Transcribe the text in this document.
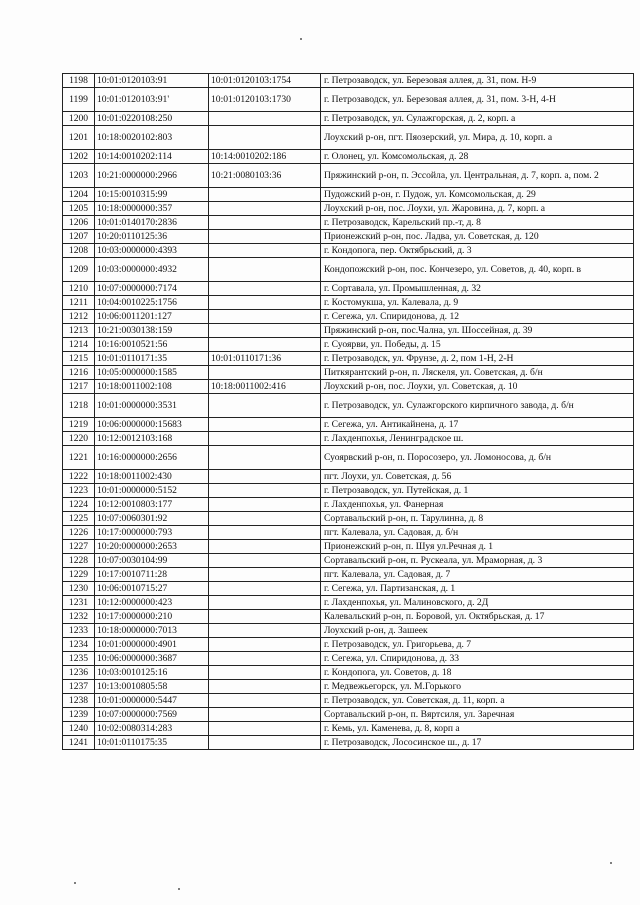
1198	10:01:0120103:91	10:01:0120103:1754	г. Петрозаводск, ул. Березовая аллея, д. 31, пом. Н-9
1199	10:01:0120103:91'	10:01:0120103:1730	г. Петрозаводск, ул. Березовая аллея, д. 31, пом. 3-Н, 4-Н
1200	10:01:0220108:250		г. Петрозаводск, ул. Сулажгорская, д. 2, корп. а
1201	10:18:0020102:803		Лоухский р-он, пгт. Пяозерский, ул. Мира, д. 10, корп. а
1202	10:14:0010202:114	10:14:0010202:186	г. Олонец, ул. Комсомольская, д. 28
1203	10:21:0000000:2966	10:21:0080103:36	Пряжинский р-он, п. Эссойла, ул. Центральная, д. 7, корп. а, пом. 2
1204	10:15:0010315:99		Пудожский р-он, г. Пудож, ул. Комсомольская, д. 29
1205	10:18:0000000:357		Лоухский р-он, пос. Лоухи, ул. Жаровина, д. 7, корп. а
1206	10:01:0140170:2836		г. Петрозаводск, Карельский пр.-т, д. 8
1207	10:20:0110125:36		Прионежский р-он, пос. Ладва, ул. Советская, д. 120
1208	10:03:0000000:4393		г. Кондопога, пер. Октябрьский, д. 3
1209	10:03:0000000:4932		Кондопожский р-он, пос. Кончезеро, ул. Советов, д. 40, корп. в
1210	10:07:0000000:7174		г. Сортавала, ул. Промышленная, д. 32
1211	10:04:0010225:1756		г. Костомукша, ул. Калевала, д. 9
1212	10:06:0011201:127		г. Сегежа, ул. Спиридонова, д. 12
1213	10:21:0030138:159		Пряжинский р-он, пос.Чална, ул. Шоссейная, д. 39
1214	10:16:0010521:56		г. Суоярви, ул. Победы, д. 15
1215	10:01:0110171:35	10:01:0110171:36	г. Петрозаводск, ул. Фрунзе, д. 2, пом 1-Н, 2-Н
1216	10:05:0000000:1585		Питкярантский р-он, п. Ляскеля, ул. Советская, д. б/н
1217	10:18:0011002:108	10:18:0011002:416	Лоухский р-он, пос. Лоухи, ул. Советская, д. 10
1218	10:01:0000000:3531		г. Петрозаводск, ул. Сулажгорского кирпичного завода, д. б/н
1219	10:06:0000000:15683		г. Сегежа, ул. Антикайнена, д. 17
1220	10:12:0012103:168		г. Лахденпохья, Ленинградское ш.
1221	10:16:0000000:2656		Суоярвский р-он, п. Поросозеро, ул. Ломоносова, д. б/н
1222	10:18:0011002:430		пгт. Лоухи, ул. Советская, д. 56
1223	10:01:0000000:5152		г. Петрозаводск, ул. Путейская, д. 1
1224	10:12:0010803:177		г. Лахденпохья, ул. Фанерная
1225	10:07:0060301:92		Сортавальский р-он, п. Тарулинна, д. 8
1226	10:17:0000000:793		пгт. Калевала, ул. Садовая, д. б/н
1227	10:20:0000000:2653		Прионежский р-он, п. Шуя ул.Речная д. 1
1228	10:07:0030104:99		Сортавальский р-он, п. Рускеала, ул. Мраморная, д. 3
1229	10:17:0010711:28		пгт. Калевала, ул. Садовая, д. 7
1230	10:06:0010715:27		г. Сегежа, ул. Партизанская, д. 1
1231	10:12:0000000:423		г. Лахденпохья, ул. Малиновского, д. 2Д
1232	10:17:0000000:210		Калевальский р-он, п. Боровой, ул. Октябрьская, д. 17
1233	10:18:0000000:7013		Лоухский р-он, д. Зашеек
1234	10:01:0000000:4901		г. Петрозаводск, ул. Григорьева, д. 7
1235	10:06:0000000:3687		г. Сегежа, ул. Спиридонова, д. 33
1236	10:03:0010125:16		г. Кондопога, ул. Советов, д. 18
1237	10:13:0010805:58		г. Медвежьегорск, ул. М.Горького
1238	10:01:0000000:5447		г. Петрозаводск, ул. Советская, д. 11, корп. а
1239	10:07:0000000:7569		Сортавальский р-он, п. Вяртсиля, ул. Заречная
1240	10:02:0080314:283		г. Кемь, ул. Каменева, д. 8, корп а
1241	10:01:0110175:35		г. Петрозаводск, Лососинское ш., д. 17
